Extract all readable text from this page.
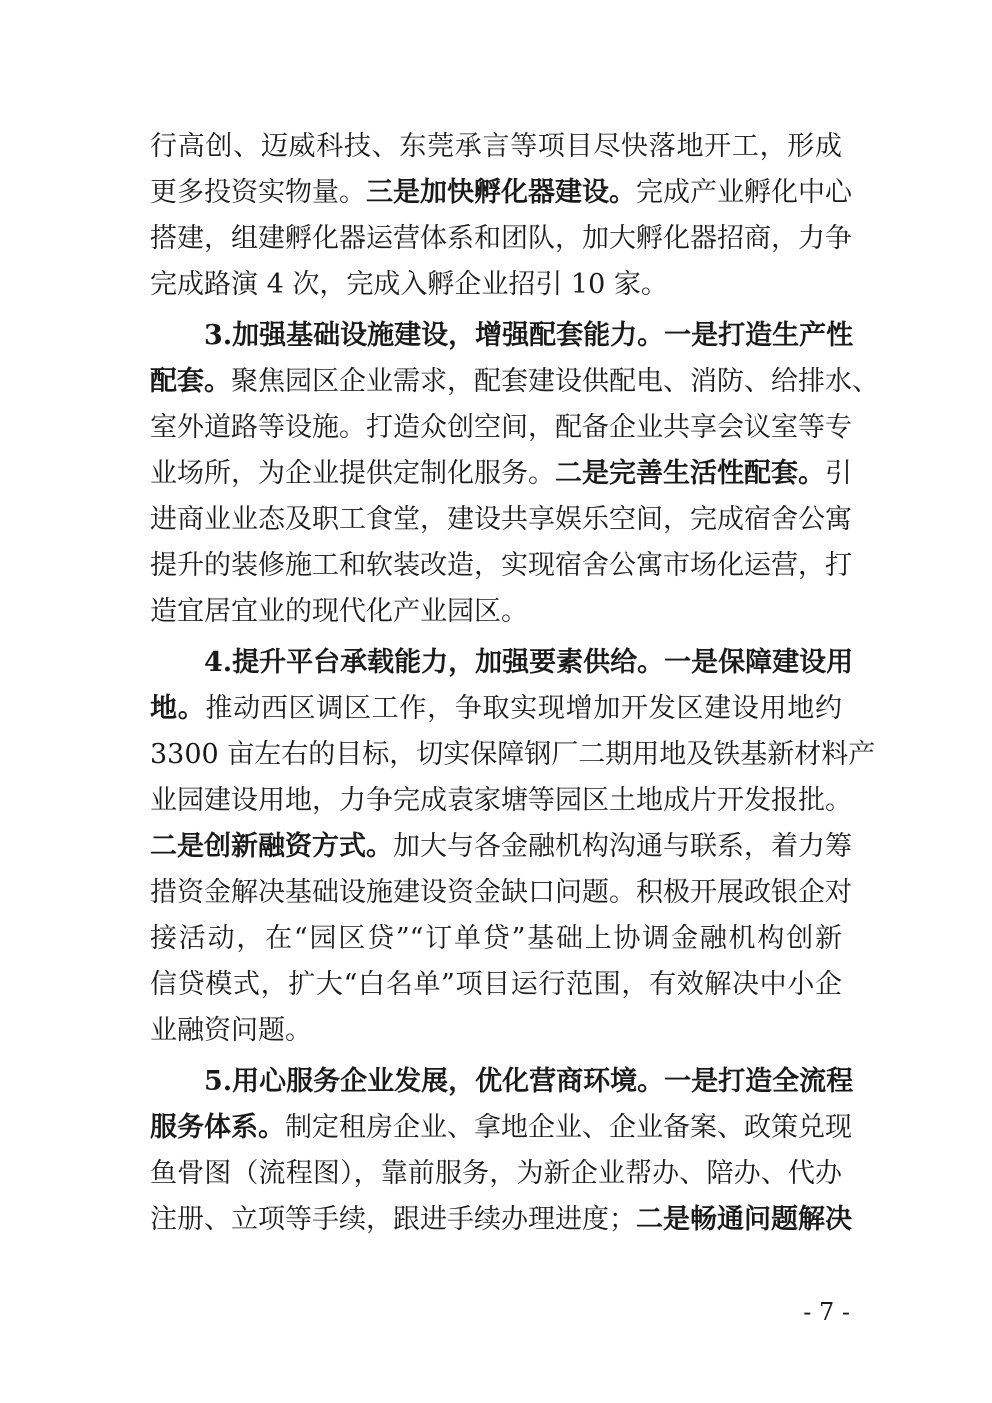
行高创、迈威科技、东莞承言等项目尽快落地开工，形成
更多投资实物量。三是加快孵化器建设。完成产业孵化中心
搭建，组建孵化器运营体系和团队，加大孵化器招商，力争
完成路演 4 次，完成入孵企业招引 10 家。
3.加强基础设施建设，增强配套能力。一是打造生产性
配套。聚焦园区企业需求，配套建设供配电、消防、给排水、
室外道路等设施。打造众创空间，配备企业共享会议室等专
业场所，为企业提供定制化服务。二是完善生活性配套。引
进商业业态及职工食堂，建设共享娱乐空间，完成宿舍公寓
提升的装修施工和软装改造，实现宿舍公寓市场化运营，打
造宜居宜业的现代化产业园区。
4.提升平台承载能力，加强要素供给。一是保障建设用
地。推动西区调区工作，争取实现增加开发区建设用地约
3300 亩左右的目标，切实保障钢厂二期用地及铁基新材料产
业园建设用地，力争完成袁家塘等园区土地成片开发报批。
二是创新融资方式。加大与各金融机构沟通与联系，着力筹
措资金解决基础设施建设资金缺口问题。积极开展政银企对
接活动，在“园区贷”“订单贷”基础上协调金融机构创新
信贷模式，扩大“白名单”项目运行范围，有效解决中小企
业融资问题。
5.用心服务企业发展，优化营商环境。一是打造全流程
服务体系。制定租房企业、拿地企业、企业备案、政策兑现
鱼骨图（流程图），靠前服务，为新企业帮办、陪办、代办
注册、立项等手续，跟进手续办理进度；二是畅通问题解决
- 7 -
